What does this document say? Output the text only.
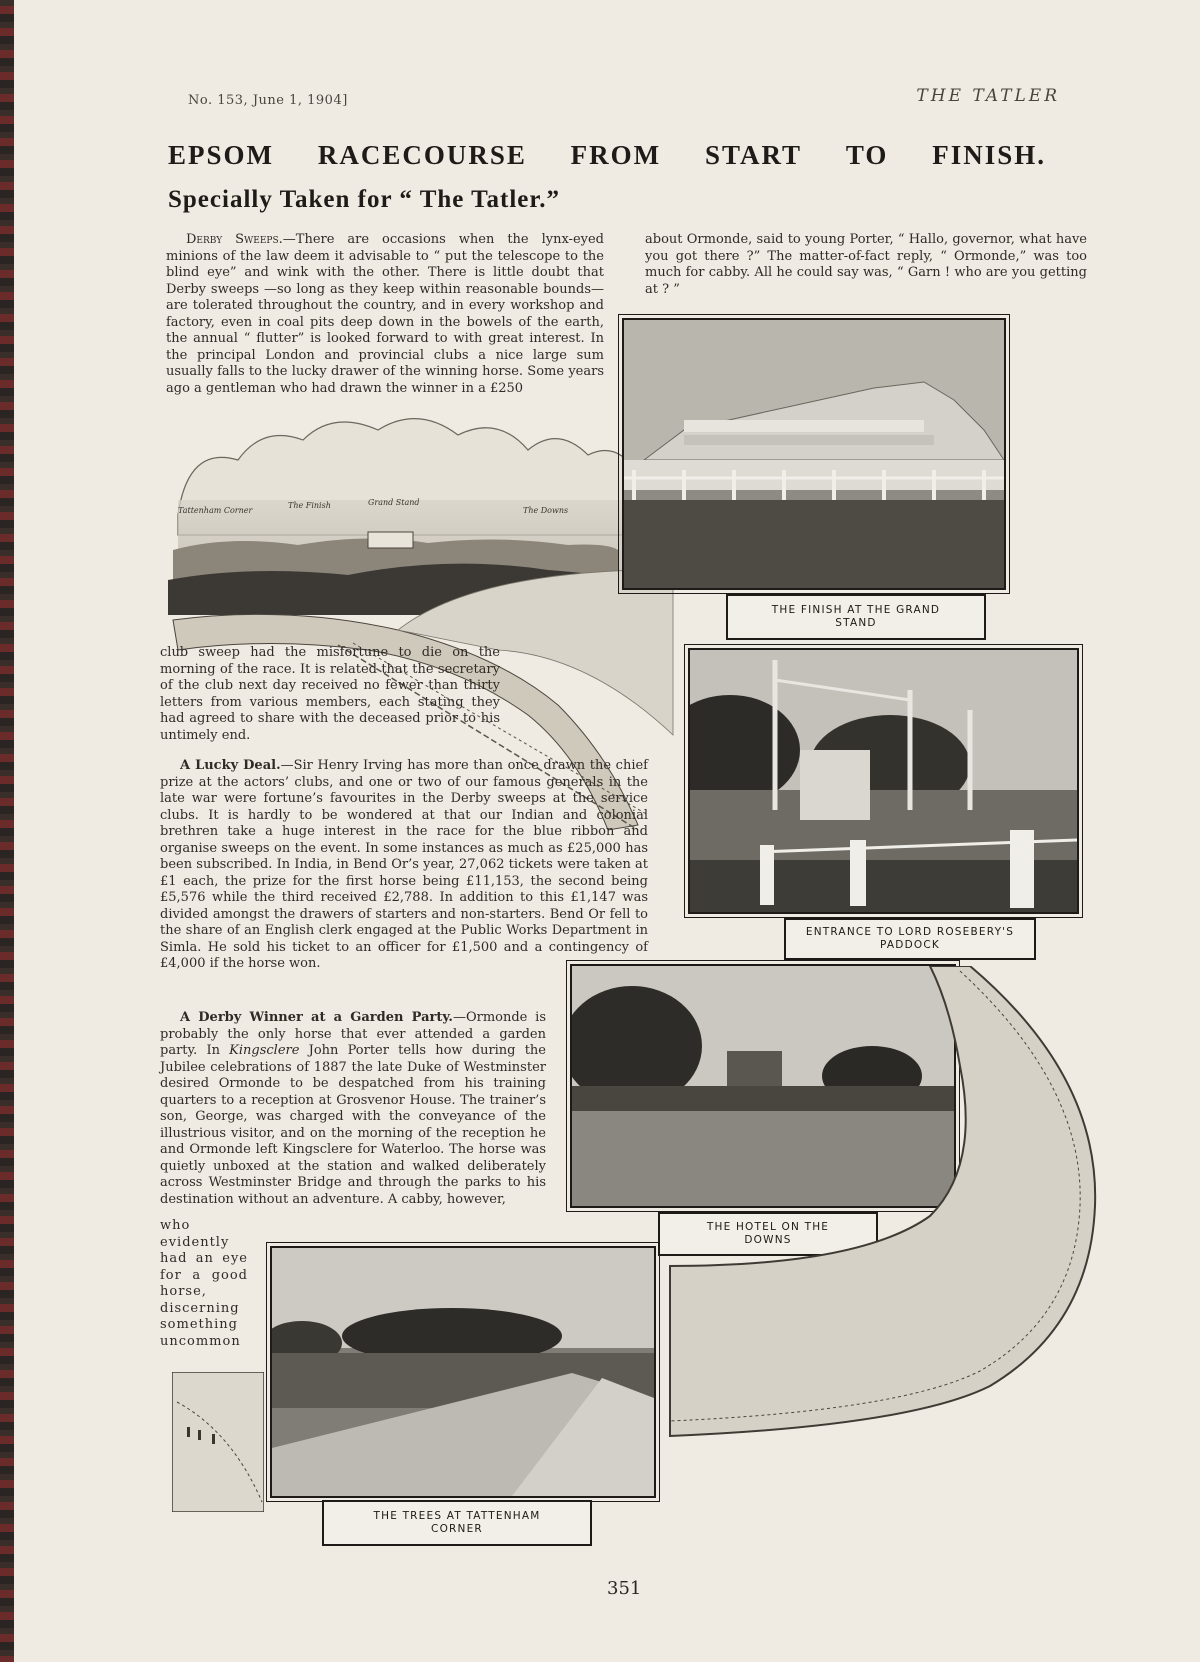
No. 153, June 1, 1904]	THE TATLER
EPSOM RACECOURSE FROM START TO FINISH.
Specially Taken for “ The Tatler.”

Derby Sweeps.—There are occasions when the lynx-eyed minions of the law deem it advisable to “ put the telescope to the blind eye” and wink with the other. There is little doubt that Derby sweeps —so long as they keep within reasonable bounds—are tolerated throughout the country, and in every workshop and factory, even in coal pits deep down in the bowels of the earth, the annual “ flutter” is looked forward to with great interest. In the principal London and provincial clubs a nice large sum usually falls to the lucky drawer of the winning horse. Some years ago a gentleman who had drawn the winner in a £250

about Ormonde, said to young Porter, “ Hallo, governor, what have you got there ?” The matter-of-fact reply, “ Ormonde,” was too much for cabby. All he could say was, “ Garn ! who are you getting at ? ”

Tattenham Corner
The Finish	Grand Stand
The Downs
THE FINISH AT THE GRAND
STAND
ENTRANCE TO LORD ROSEBERY'S
PADDOCK

club sweep had the misfortune to die on the morning of the race. It is related that the secretary of the club next day received no fewer than thirty letters from various members, each stating they had agreed to share with the deceased prior to his untimely end.

A Lucky Deal.—Sir Henry Irving has more than once drawn the chief prize at the actors’ clubs, and one or two of our famous generals in the late war were fortune’s favourites in the Derby sweeps at the service clubs. It is hardly to be wondered at that our Indian and colonial brethren take a huge interest in the race for the blue ribbon and organise sweeps on the event. In some instances as much as £25,000 has been subscribed. In India, in Bend Or’s year, 27,062 tickets were taken at £1 each, the prize for the first horse being £11,153, the second being £5,576 while the third received £2,788. In addition to this £1,147 was divided amongst the drawers of starters and non-starters. Bend Or fell to the share of an English clerk engaged at the Public Works Department in Simla. He sold his ticket to an officer for £1,500 and a contingency of £4,000 if the horse won.

THE HOTEL ON THE
DOWNS

A Derby Winner at a Garden Party.—Ormonde is probably the only horse that ever attended a garden party. In Kingsclere John Porter tells how during the Jubilee celebrations of 1887 the late Duke of Westminster desired Ormonde to be despatched from his training quarters to a reception at Grosvenor House. The trainer’s son, George, was charged with the conveyance of the illustrious visitor, and on the morning of the reception he and Ormonde left Kingsclere for Waterloo. The horse was quietly unboxed at the station and walked deliberately across Westminster Bridge and through the parks to his destination without an adventure. A cabby, however,

who evidently had an eye for a good horse, discerning something uncommon

THE TREES AT TATTENHAM
CORNER
351
